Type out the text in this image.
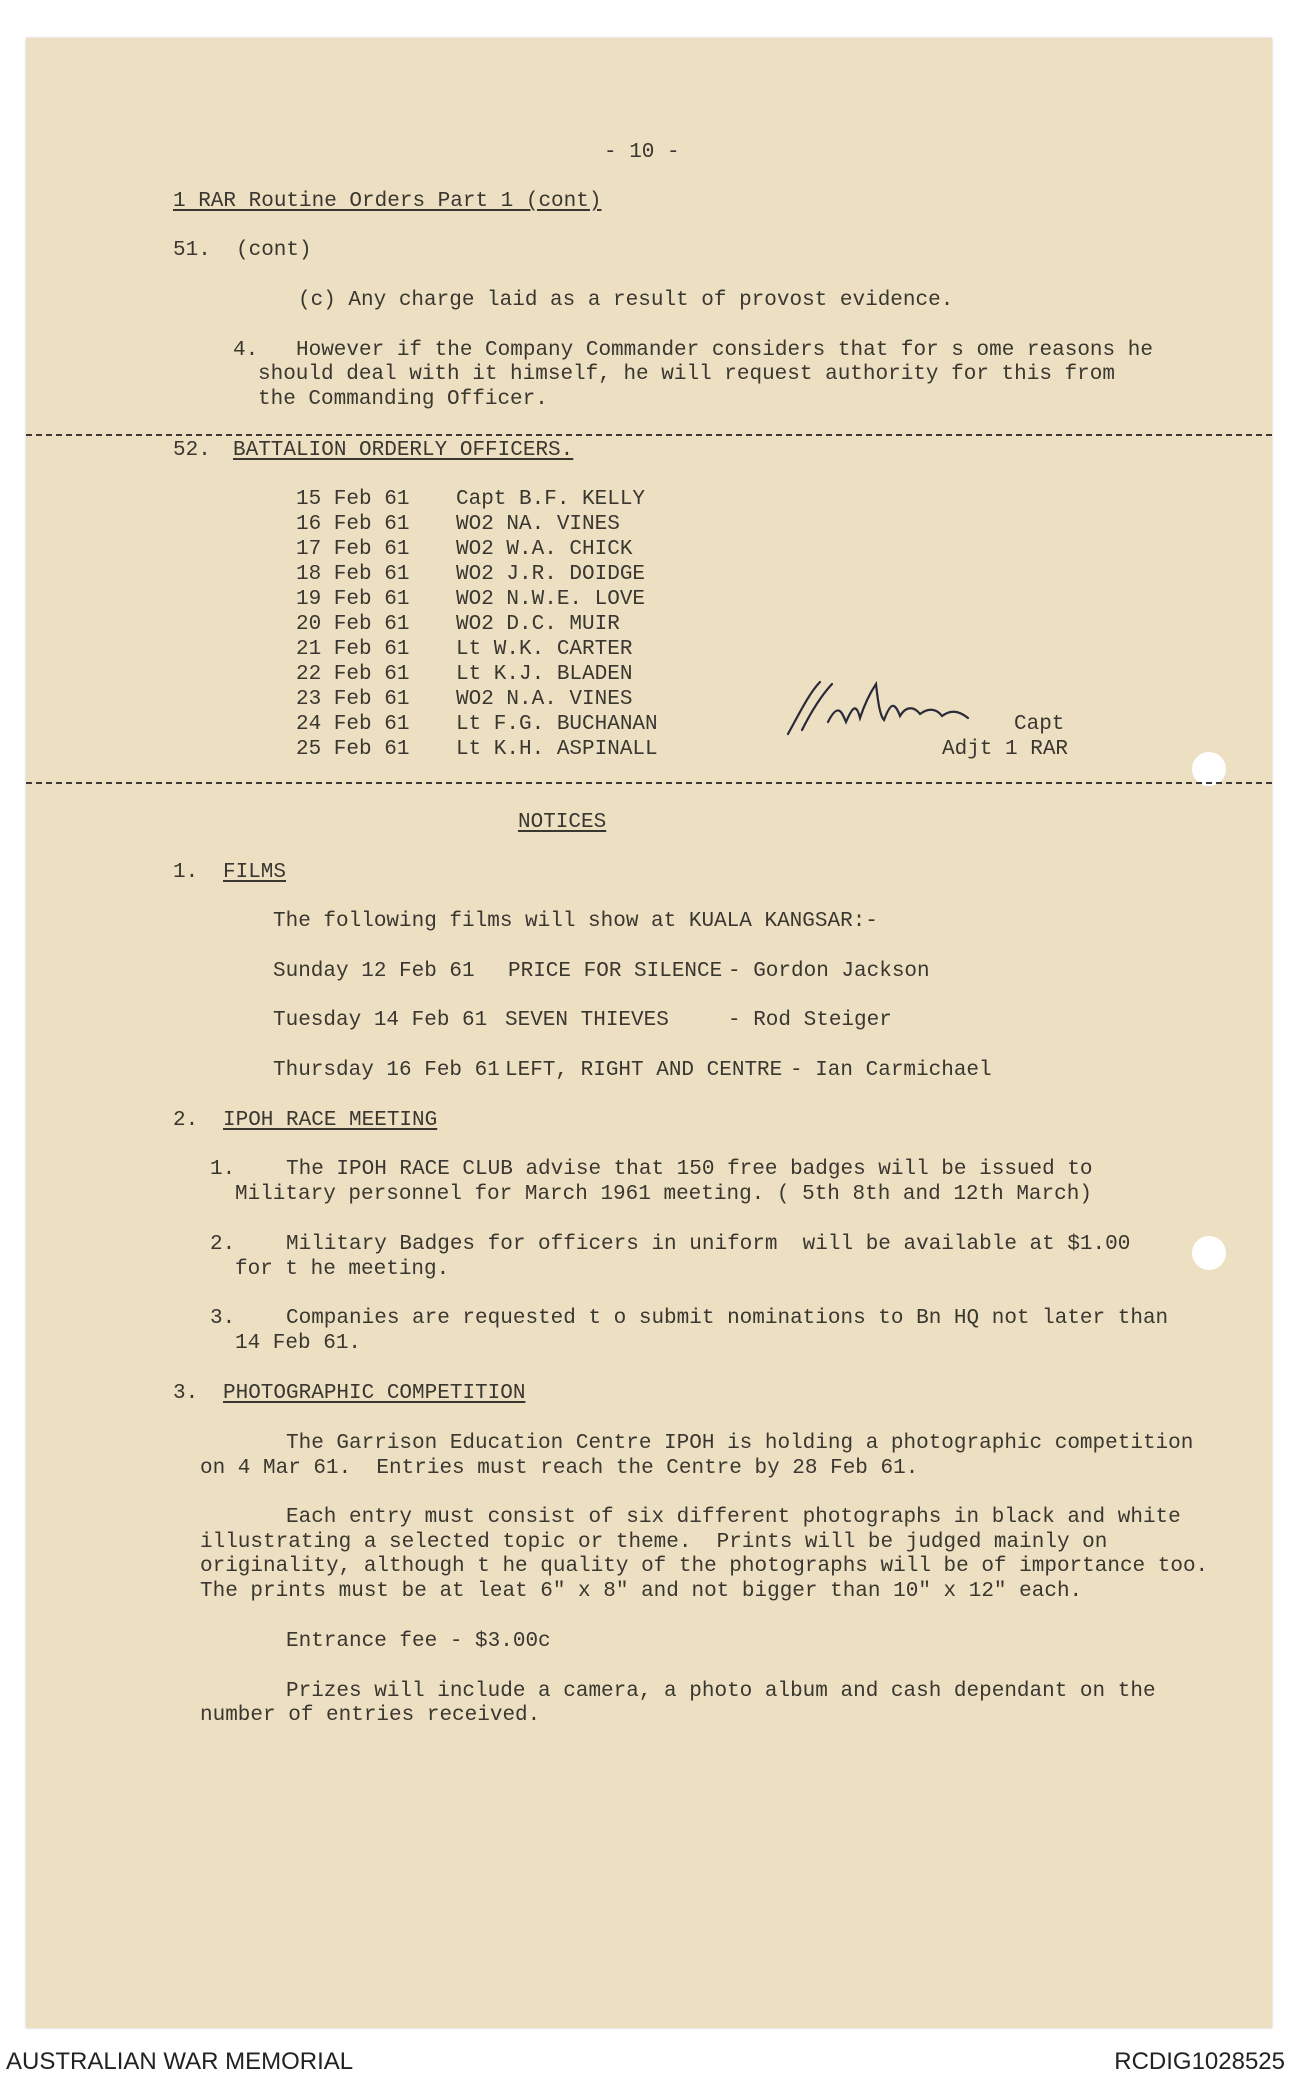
- 10 -
1 RAR Routine Orders Part 1 (cont)
51. (cont)
(c) Any charge laid as a result of provost evidence.
4. However if the Company Commander considers that for s ome reasons he
should deal with it himself, he will request authority for this from
the Commanding Officer.
52. BATTALION ORDERLY OFFICERS.
15 Feb 61 Capt B.F. KELLY
16 Feb 61 WO2 NA. VINES
17 Feb 61 WO2 W.A. CHICK
18 Feb 61 WO2 J.R. DOIDGE
19 Feb 61 WO2 N.W.E. LOVE
20 Feb 61 WO2 D.C. MUIR
21 Feb 61 Lt W.K. CARTER
22 Feb 61 Lt K.J. BLADEN
23 Feb 61 WO2 N.A. VINES
24 Feb 61 Lt F.G. BUCHANAN
25 Feb 61 Lt K.H. ASPINALL
Capt
Adjt 1 RAR
NOTICES
1. FILMS
The following films will show at KUALA KANGSAR:-
Sunday 12 Feb 61 PRICE FOR SILENCE - Gordon Jackson
Tuesday 14 Feb 61 SEVEN THIEVES	- Rod Steiger
Thursday 16 Feb 61 LEFT, RIGHT AND CENTRE - Ian Carmichael
2. IPOH RACE MEETING
1. The IPOH RACE CLUB advise that 150 free badges will be issued to
Military personnel for March 1961 meeting. ( 5th 8th and 12th March)
2. Military Badges for officers in uniform  will be available at $1.00
for t he meeting.
3. Companies are requested t o submit nominations to Bn HQ not later than
14 Feb 61.
3. PHOTOGRAPHIC COMPETITION
The Garrison Education Centre IPOH is holding a photographic competition
on 4 Mar 61.  Entries must reach the Centre by 28 Feb 61.
Each entry must consist of six different photographs in black and white
illustrating a selected topic or theme.  Prints will be judged mainly on
originality, although t he quality of the photographs will be of importance too.
The prints must be at leat 6" x 8" and not bigger than 10" x 12" each.
Entrance fee - $3.00c
Prizes will include a camera, a photo album and cash dependant on the
number of entries received.
AUSTRALIAN WAR MEMORIAL	RCDIG1028525
